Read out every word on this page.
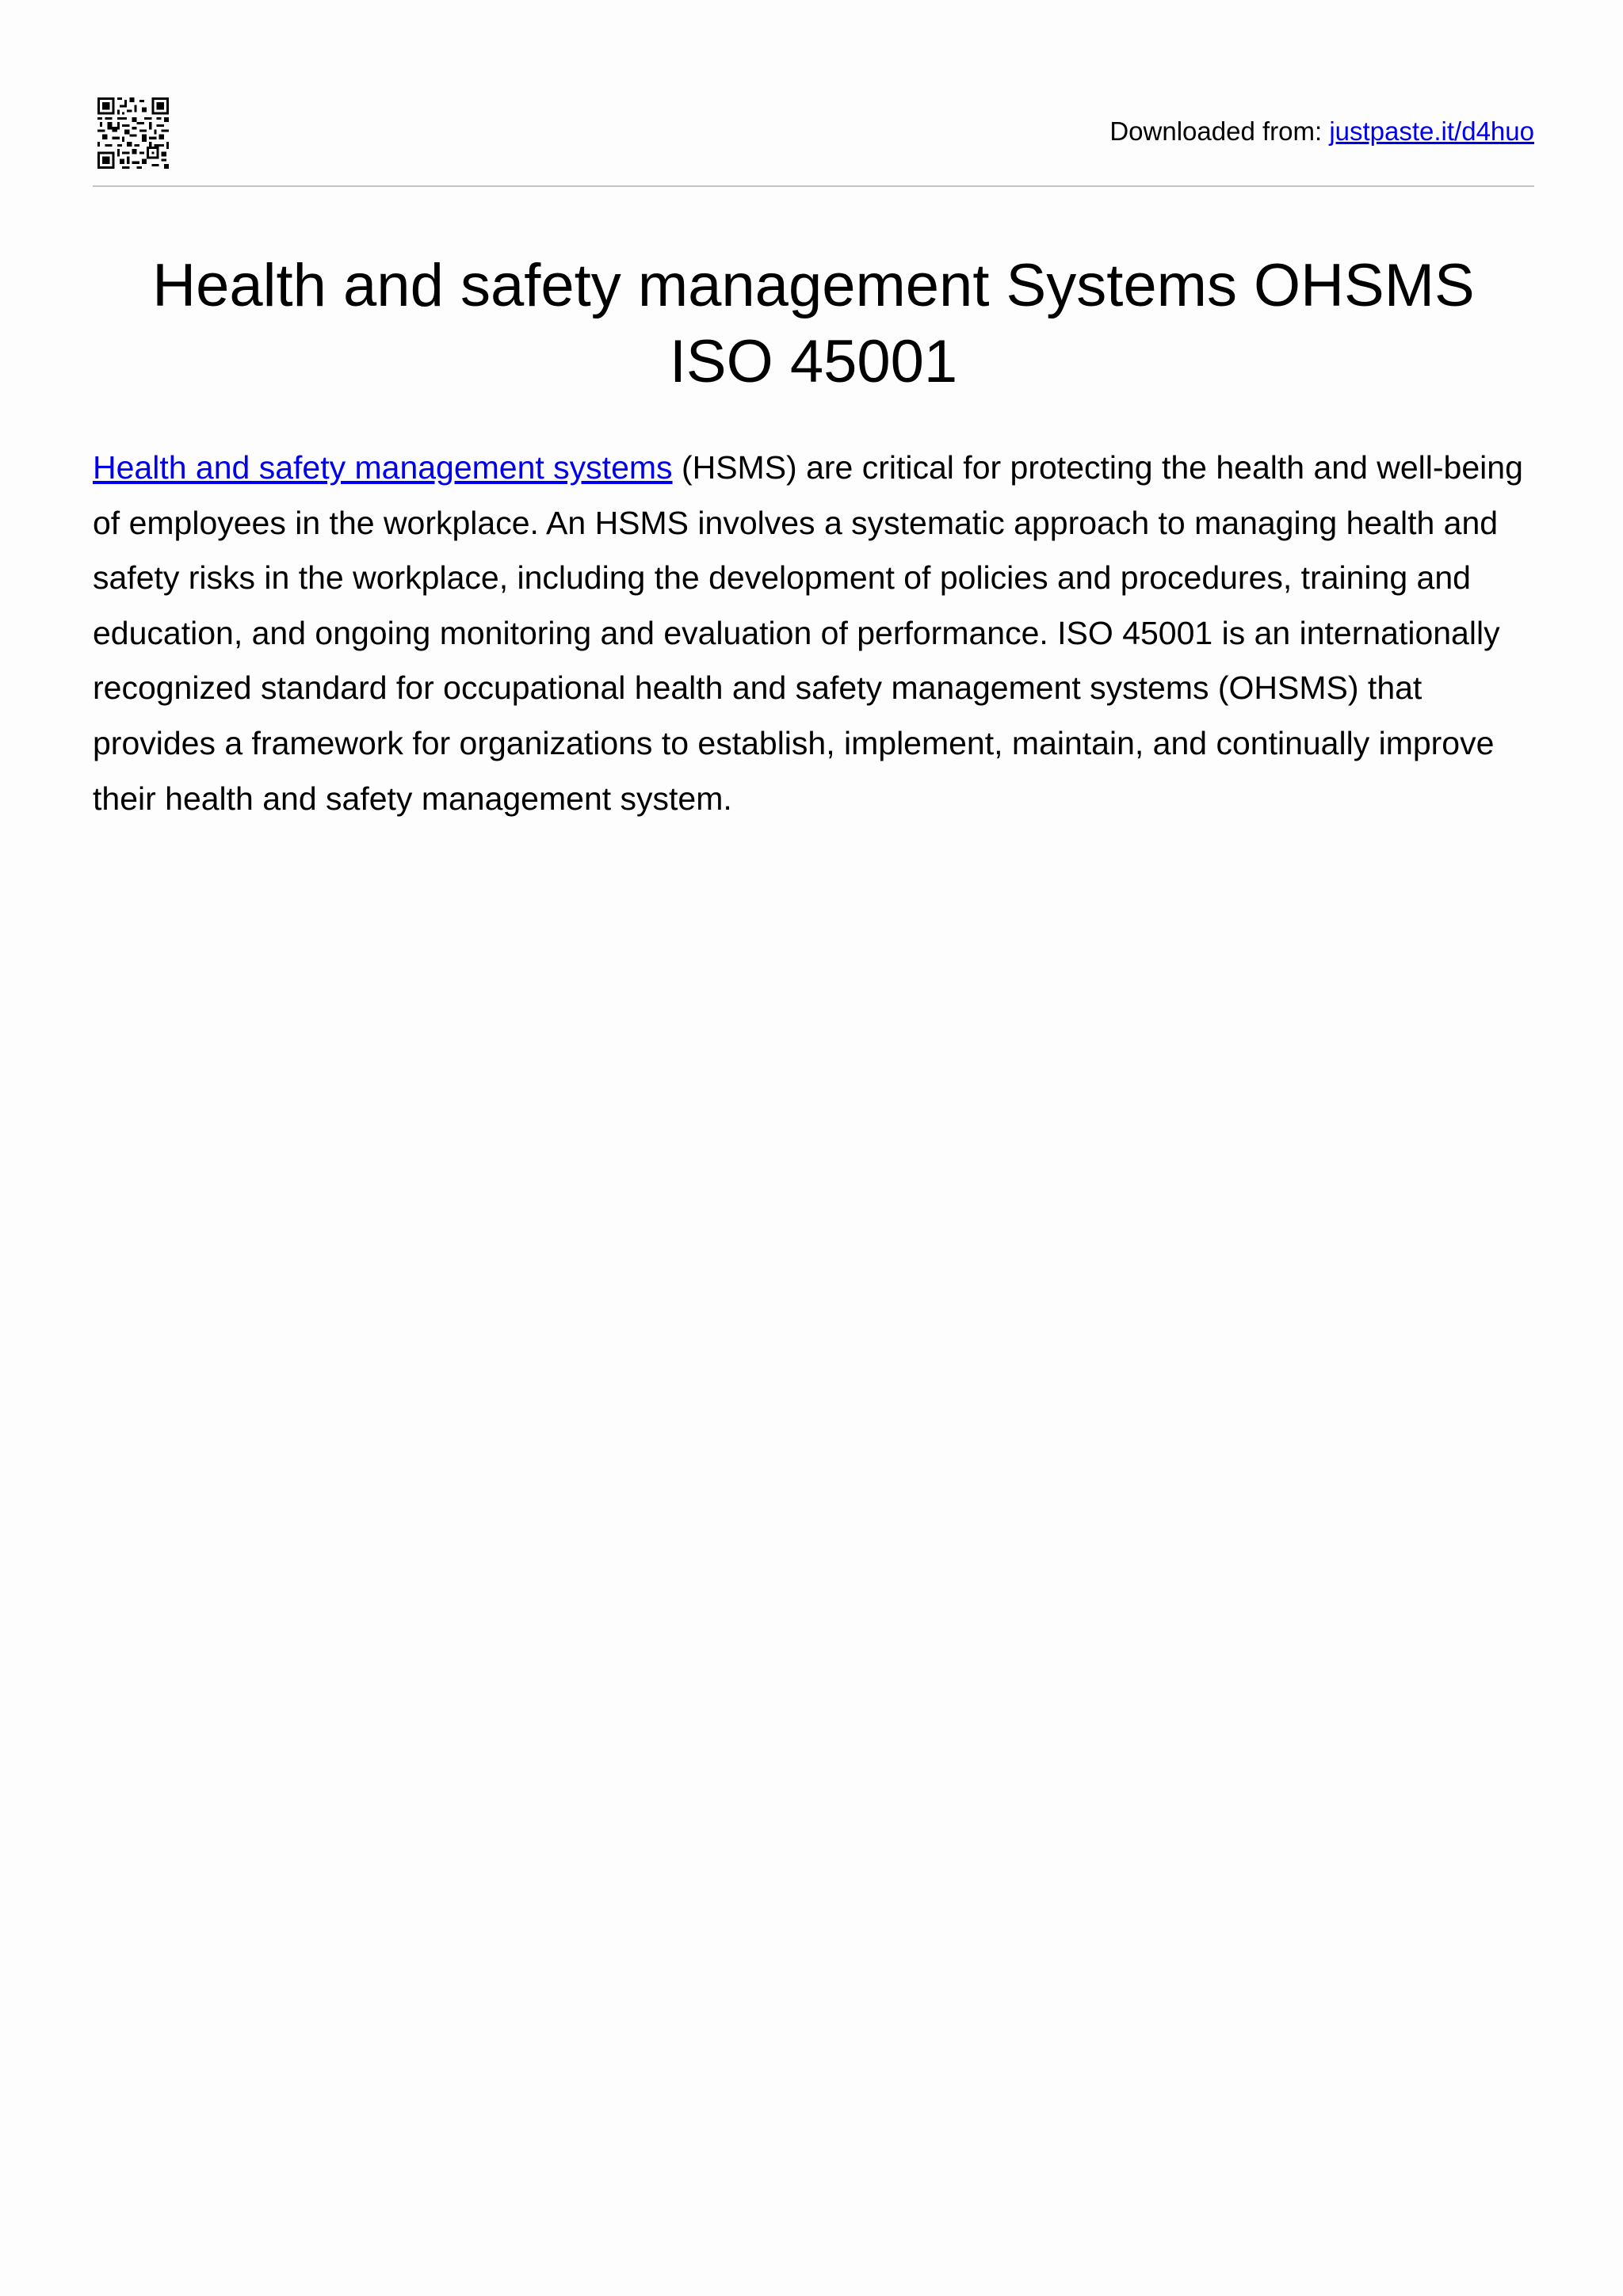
Downloaded from: justpaste.it/d4huo
Health and safety management Systems OHSMS ISO 45001

Health and safety management systems (HSMS) are critical for protecting the health and well-being of employees in the workplace. An HSMS involves a systematic approach to managing health and safety risks in the workplace, including the development of policies and procedures, training and education, and ongoing monitoring and evaluation of performance. ISO 45001 is an internationally recognized standard for occupational health and safety management systems (OHSMS) that provides a framework for organizations to establish, implement, maintain, and continually improve their health and safety management system.
